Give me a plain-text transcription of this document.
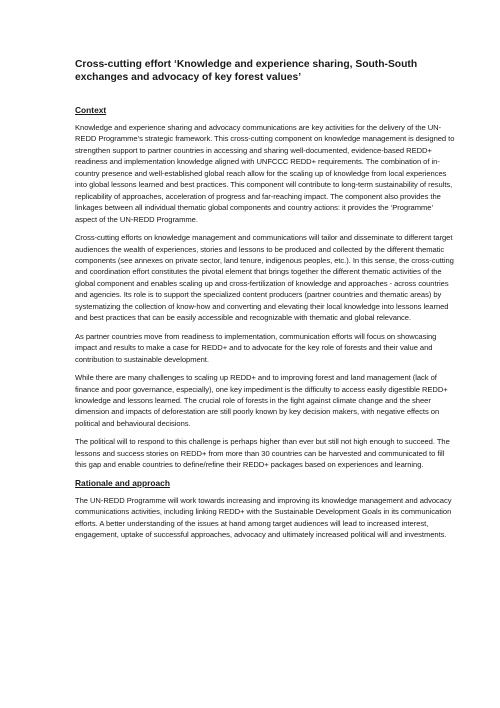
Cross-cutting effort ‘Knowledge and experience sharing, South-South exchanges and advocacy of key forest values’
Context

Knowledge and experience sharing and advocacy communications are key activities for the delivery of the UN-REDD Programme’s strategic framework. This cross-cutting component on knowledge management is designed to strengthen support to partner countries in accessing and sharing well-documented, evidence-based REDD+ readiness and implementation knowledge aligned with UNFCCC REDD+ requirements. The combination of in-country presence and well-established global reach allow for the scaling up of knowledge from local experiences into global lessons learned and best practices. This component will contribute to long-term sustainability of results, replicability of approaches, acceleration of progress and far-reaching impact. The component also provides the linkages between all individual thematic global components and country actions: it provides the ‘Programme’ aspect of the UN-REDD Programme.

Cross-cutting efforts on knowledge management and communications will tailor and disseminate to different target audiences the wealth of experiences, stories and lessons to be produced and collected by the different thematic components (see annexes on private sector, land tenure, indigenous peoples, etc.). In this sense, the cross-cutting and coordination effort constitutes the pivotal element that brings together the different thematic activities of the global component and enables scaling up and cross-fertilization of knowledge and approaches - across countries and agencies. Its role is to support the specialized content producers (partner countries and thematic areas) by systematizing the collection of know-how and converting and elevating their local knowledge into lessons learned and best practices that can be easily accessible and recognizable with thematic and global relevance.

As partner countries move from readiness to implementation, communication efforts will focus on showcasing impact and results to make a case for REDD+ and to advocate for the key role of forests and their value and contribution to sustainable development.

While there are many challenges to scaling up REDD+ and to improving forest and land management (lack of finance and poor governance, especially), one key impediment is the difficulty to access easily digestible REDD+ knowledge and lessons learned. The crucial role of forests in the fight against climate change and the sheer dimension and impacts of deforestation are still poorly known by key decision makers, with negative effects on political and behavioural decisions.

The political will to respond to this challenge is perhaps higher than ever but still not high enough to succeed. The lessons and success stories on REDD+ from more than 30 countries can be harvested and communicated to fill this gap and enable countries to define/refine their REDD+ packages based on experiences and learning.

Rationale and approach

The UN-REDD Programme will work towards increasing and improving its knowledge management and advocacy communications activities, including linking REDD+ with the Sustainable Development Goals in its communication efforts. A better understanding of the issues at hand among target audiences will lead to increased interest, engagement, uptake of successful approaches, advocacy and ultimately increased political will and investments.
